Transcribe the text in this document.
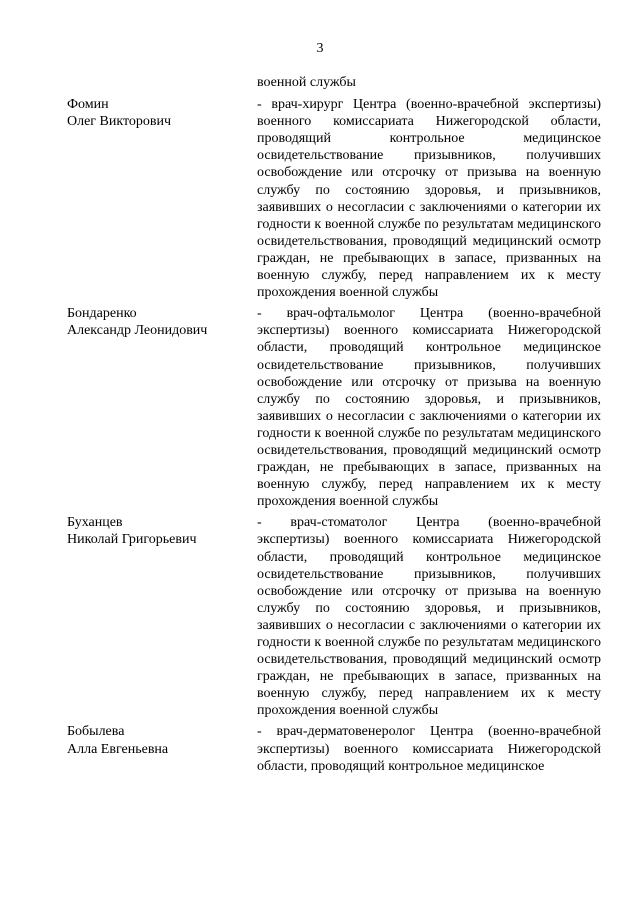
3
военной службы
Фомин
Олег Викторович
- врач-хирург Центра (военно-врачебной экспертизы) военного комиссариата Нижегородской области, проводящий контрольное медицинское освидетельствование призывников, получивших освобождение или отсрочку от призыва на военную службу по состоянию здоровья, и призывников, заявивших о несогласии с заключениями о категории их годности к военной службе по результатам медицинского освидетельствования, проводящий медицинский осмотр граждан, не пребывающих в запасе, призванных на военную службу, перед направлением их к месту прохождения военной службы
Бондаренко
Александр Леонидович
- врач-офтальмолог Центра (военно-врачебной экспертизы) военного комиссариата Нижегородской области, проводящий контрольное медицинское освидетельствование призывников, получивших освобождение или отсрочку от призыва на военную службу по состоянию здоровья, и призывников, заявивших о несогласии с заключениями о категории их годности к военной службе по результатам медицинского освидетельствования, проводящий медицинский осмотр граждан, не пребывающих в запасе, призванных на военную службу, перед направлением их к месту прохождения военной службы
Буханцев
Николай Григорьевич
- врач-стоматолог Центра (военно-врачебной экспертизы) военного комиссариата Нижегородской области, проводящий контрольное медицинское освидетельствование призывников, получивших освобождение или отсрочку от призыва на военную службу по состоянию здоровья, и призывников, заявивших о несогласии с заключениями о категории их годности к военной службе по результатам медицинского освидетельствования, проводящий медицинский осмотр граждан, не пребывающих в запасе, призванных на военную службу, перед направлением их к месту прохождения военной службы
Бобылева
Алла Евгеньевна
- врач-дерматовенеролог Центра (военно-врачебной экспертизы) военного комиссариата Нижегородской области, проводящий контрольное медицинское
